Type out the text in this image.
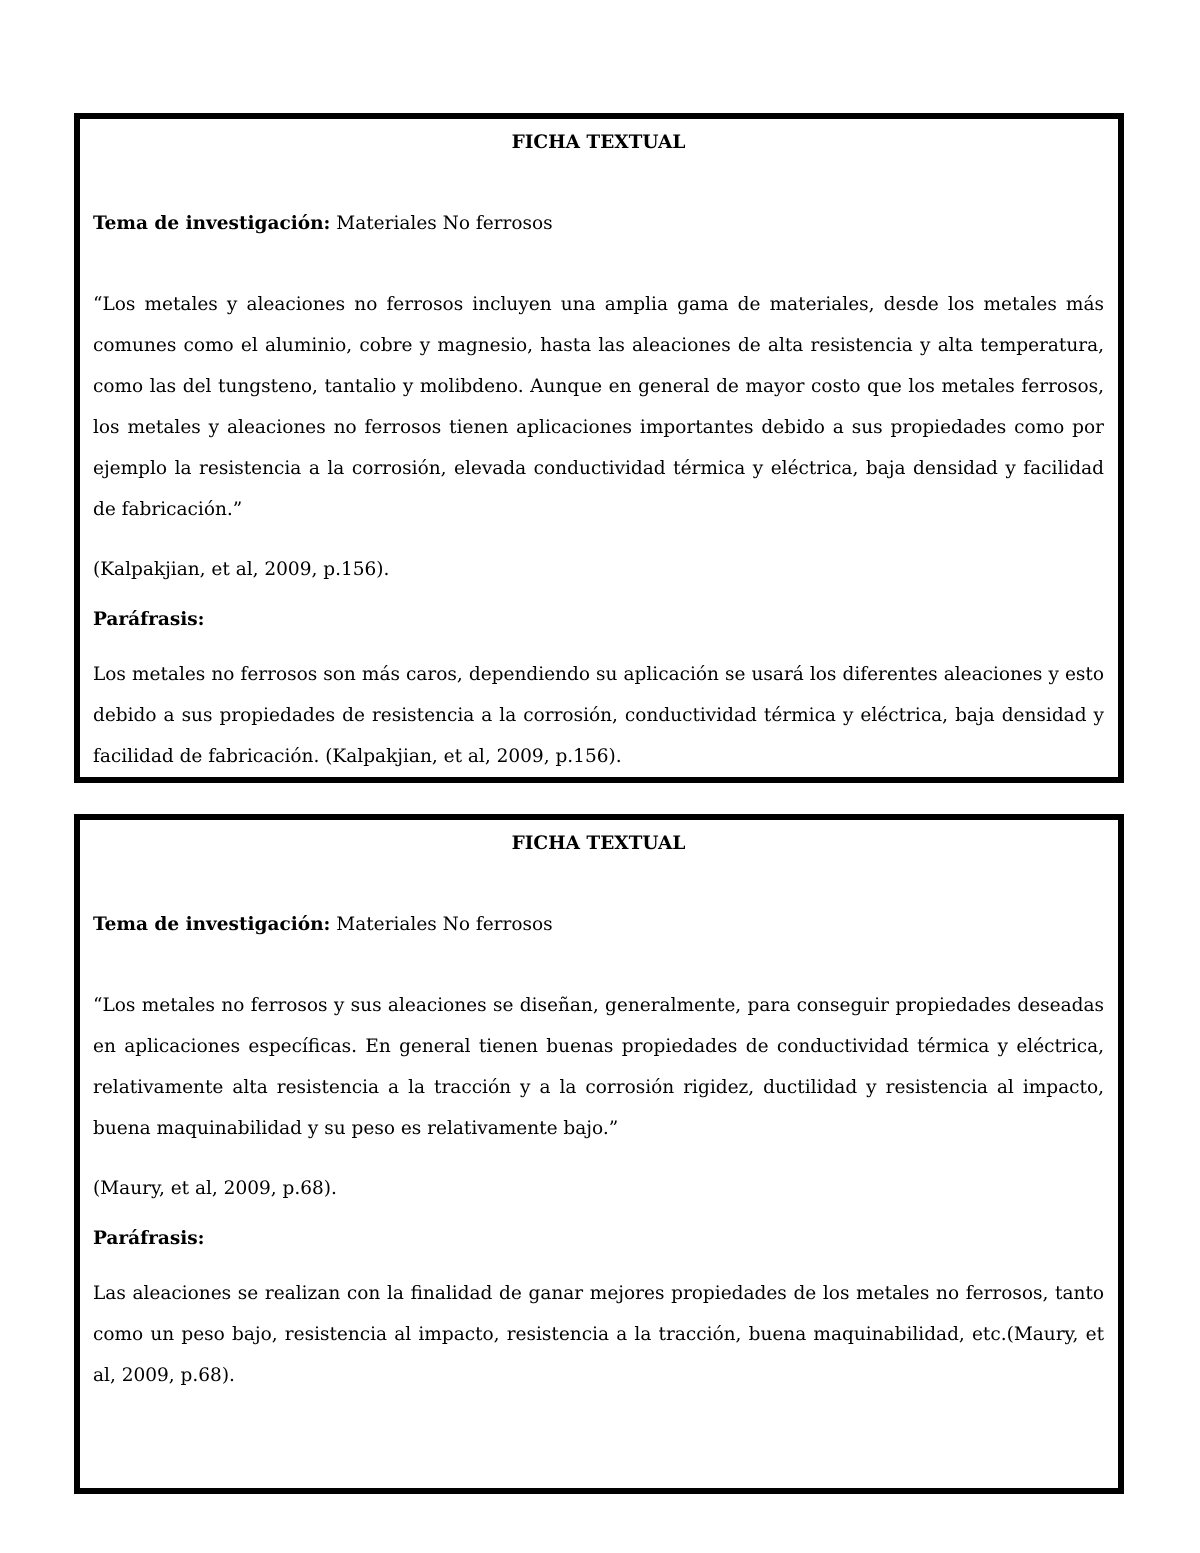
FICHA TEXTUAL

Tema de investigación: Materiales No ferrosos

“Los metales y aleaciones no ferrosos incluyen una amplia gama de materiales, desde los metales más comunes como el aluminio, cobre y magnesio, hasta las aleaciones de alta resistencia y alta temperatura, como las del tungsteno, tantalio y molibdeno. Aunque en general de mayor costo que los metales ferrosos, los metales y aleaciones no ferrosos tienen aplicaciones importantes debido a sus propiedades como por ejemplo la resistencia a la corrosión, elevada conductividad térmica y eléctrica, baja densidad y facilidad de fabricación.”

(Kalpakjian, et al, 2009, p.156).

Paráfrasis:

Los metales no ferrosos son más caros, dependiendo su aplicación se usará los diferentes aleaciones y esto debido a sus propiedades de resistencia a la corrosión, conductividad térmica y eléctrica, baja densidad y facilidad de fabricación. (Kalpakjian, et al, 2009, p.156).

FICHA TEXTUAL

Tema de investigación: Materiales No ferrosos

“Los metales no ferrosos y sus aleaciones se diseñan, generalmente, para conseguir propiedades deseadas en aplicaciones específicas. En general tienen buenas propiedades de conductividad térmica y eléctrica, relativamente alta resistencia a la tracción y a la corrosión rigidez, ductilidad y resistencia al impacto, buena maquinabilidad y su peso es relativamente bajo.”

(Maury, et al, 2009, p.68).

Paráfrasis:

Las aleaciones se realizan con la finalidad de ganar mejores propiedades de los metales no ferrosos, tanto como un peso bajo, resistencia al impacto, resistencia a la tracción, buena maquinabilidad, etc.(Maury, et al, 2009, p.68).
